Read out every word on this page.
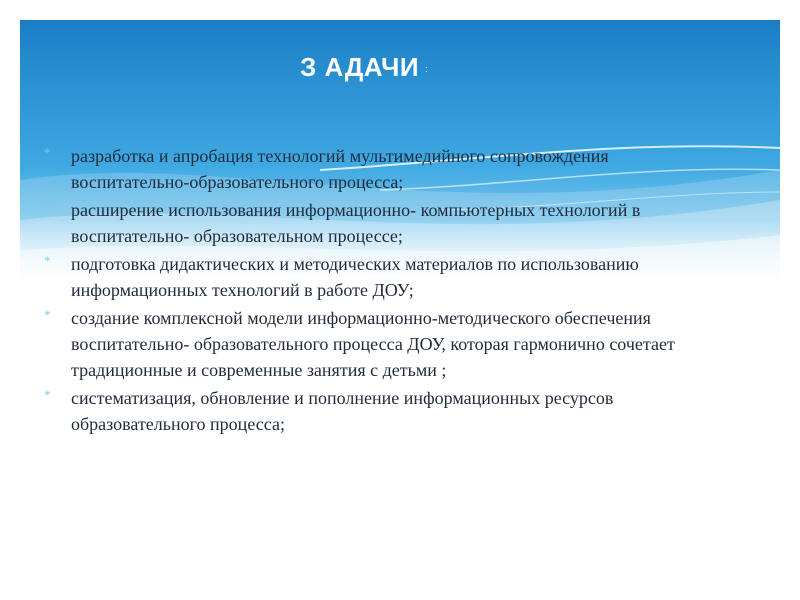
З АДАЧИ :
* разработка и апробация технологий мультимедийного сопровождения воспитательно-образовательного процесса;
* расширение использования информационно- компьютерных технологий в воспитательно- образовательном процессе;
* подготовка дидактических и методических материалов по использованию информационных технологий в работе ДОУ;
* создание комплексной модели информационно-методического обеспечения воспитательно- образовательного процесса ДОУ, которая гармонично сочетает традиционные и современные занятия с детьми ;
* систематизация, обновление и пополнение информационных ресурсов образовательного процесса;
